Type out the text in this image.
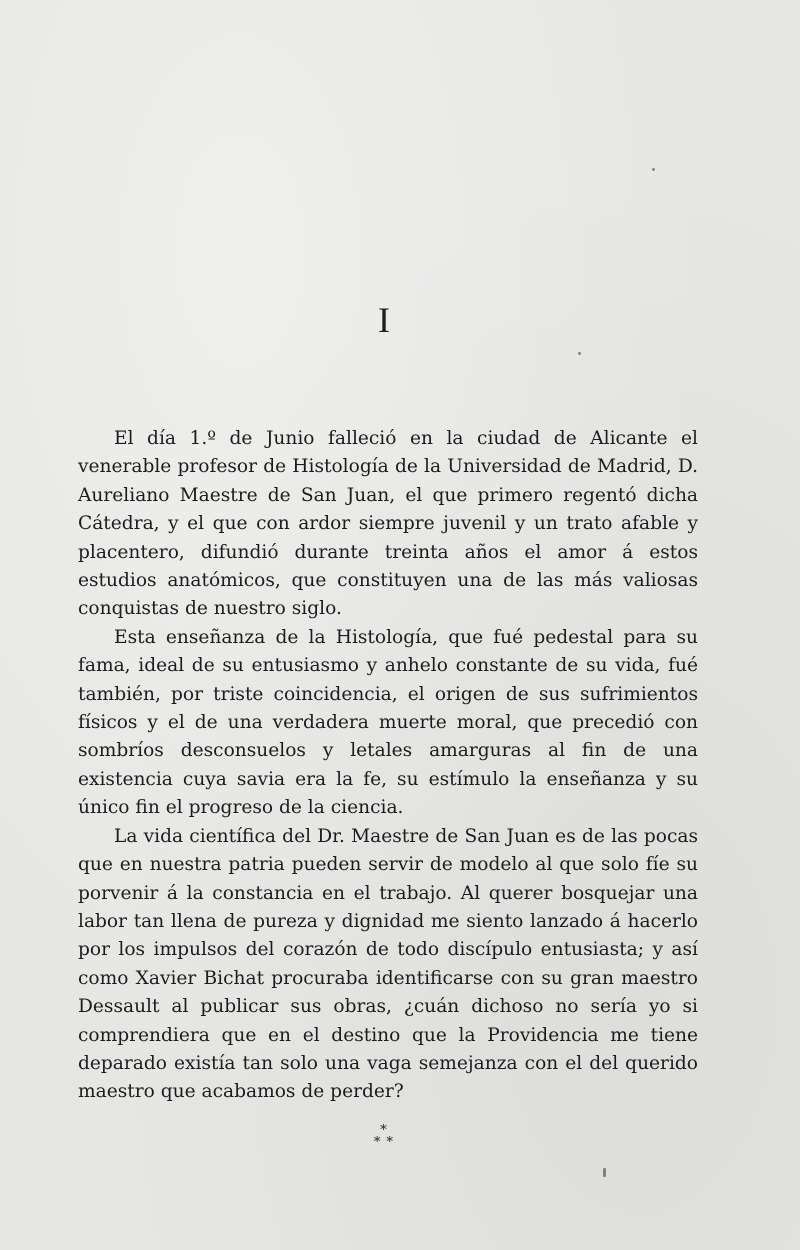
I

El día 1.º de Junio falleció en la ciudad de Alicante el venerable profesor de Histología de la Universidad de Madrid, D. Aureliano Maestre de San Juan, el que primero regentó dicha Cátedra, y el que con ardor siempre juvenil y un trato afable y placentero, difundió durante treinta años el amor á estos estudios anatómicos, que constituyen una de las más valiosas conquistas de nuestro siglo.

Esta enseñanza de la Histología, que fué pedestal para su fama, ideal de su entusiasmo y anhelo constante de su vida, fué también, por triste coincidencia, el origen de sus sufrimientos físicos y el de una verdadera muerte moral, que precedió con sombríos desconsuelos y letales amarguras al fin de una existencia cuya savia era la fe, su estímulo la enseñanza y su único fin el progreso de la ciencia.

La vida científica del Dr. Maestre de San Juan es de las pocas que en nuestra patria pueden servir de modelo al que solo fíe su porvenir á la constancia en el trabajo. Al querer bosquejar una labor tan llena de pureza y dignidad me siento lanzado á hacerlo por los impulsos del corazón de todo discípulo entusiasta; y así como Xavier Bichat procuraba identificarse con su gran maestro Dessault al publicar sus obras, ¿cuán dichoso no sería yo si comprendiera que en el destino que la Providencia me tiene deparado existía tan solo una vaga semejanza con el del querido maestro que acabamos de perder?

*
* *
